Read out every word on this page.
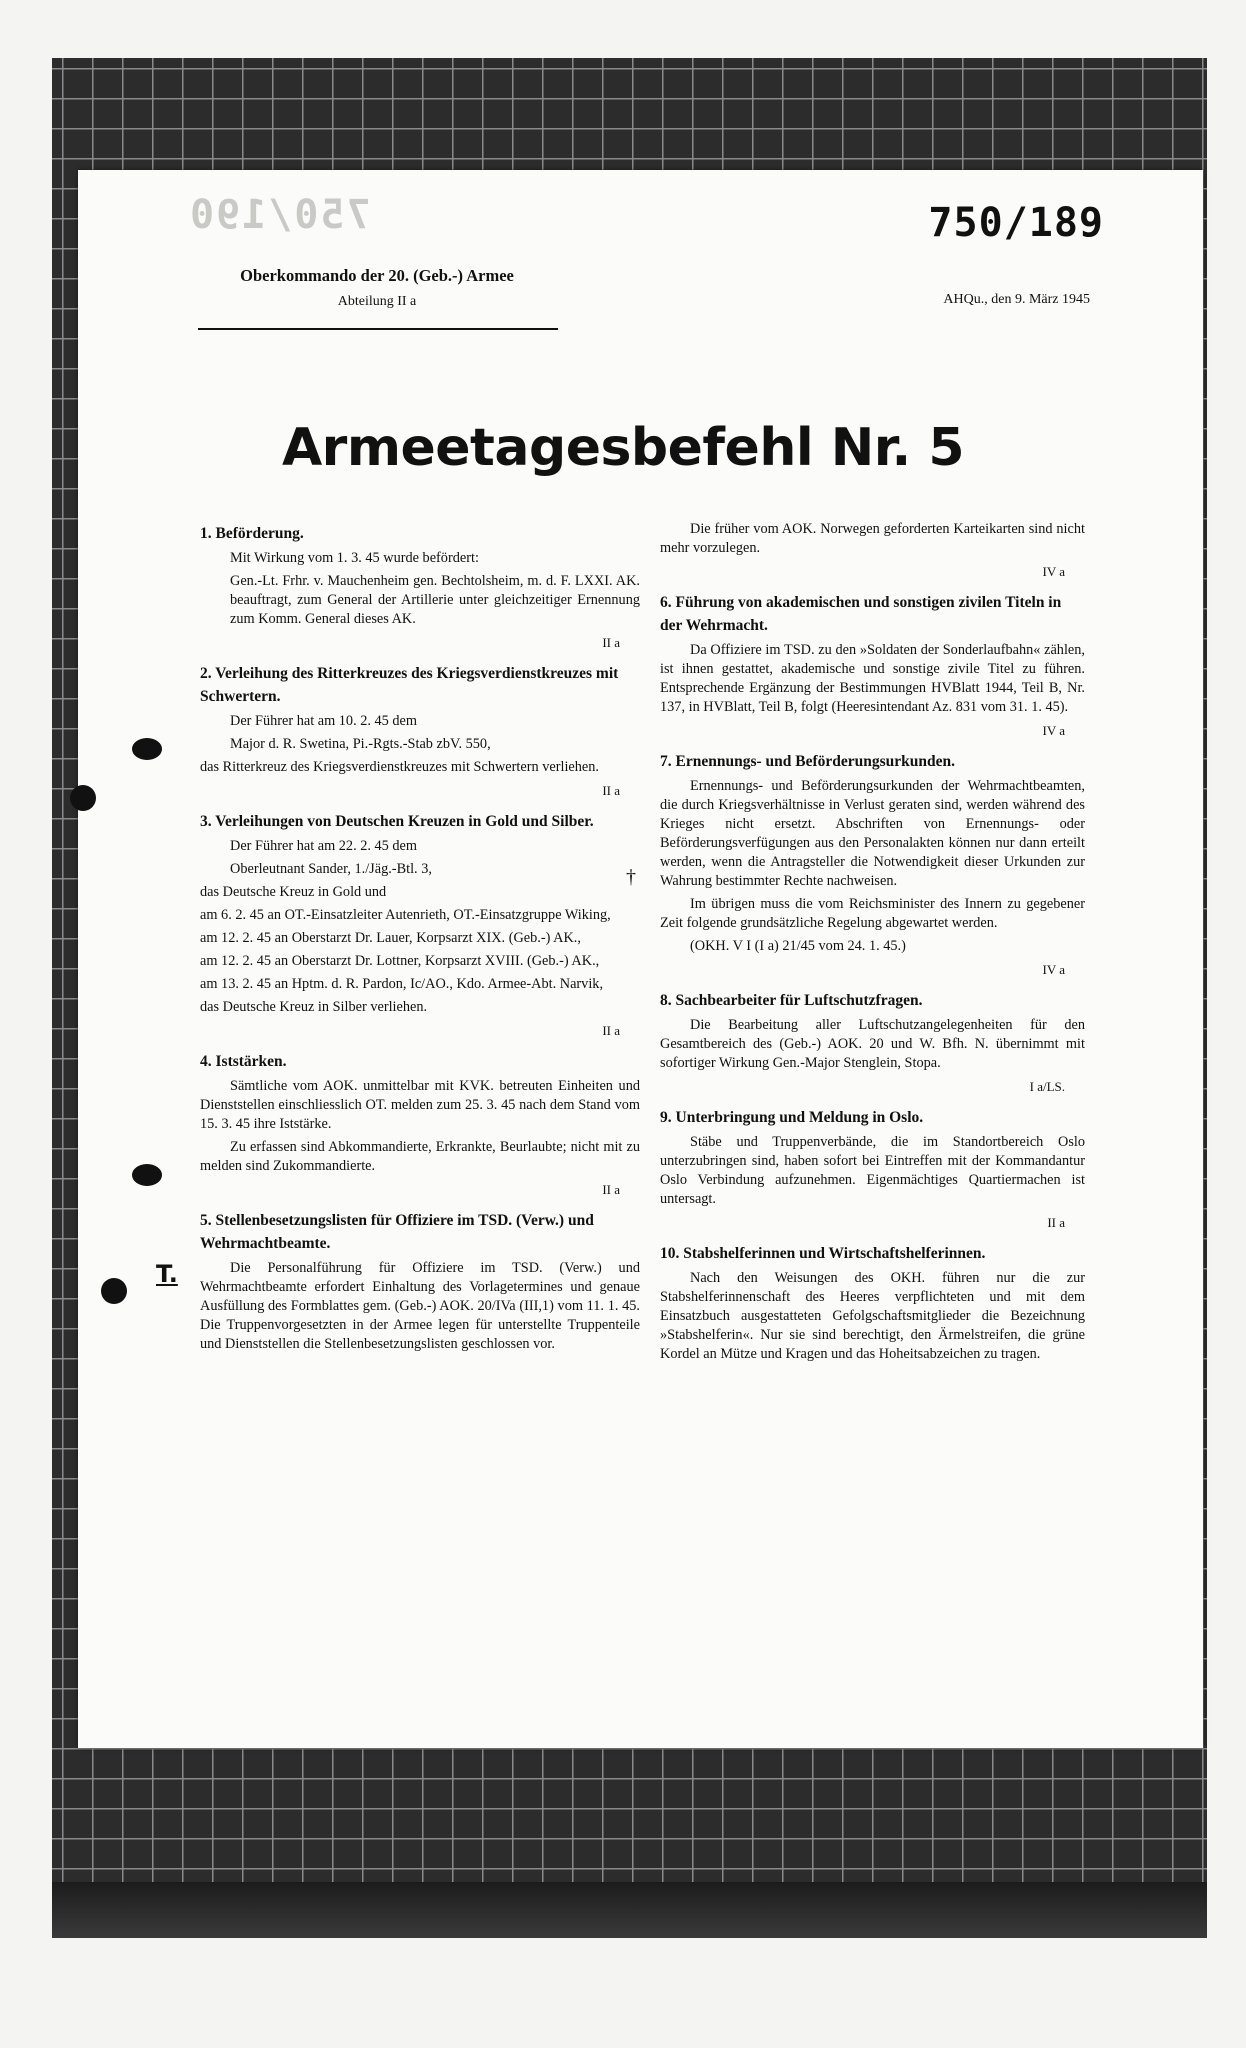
750/190	750/189
Oberkommando der 20. (Geb.-) Armee
Abteilung II a	AHQu., den 9. März 1945
Armeetagesbefehl Nr. 5
T.
†
1. Beförderung.
Mit Wirkung vom 1. 3. 45 wurde befördert:
Gen.-Lt. Frhr. v. Mauchenheim gen. Bechtolsheim, m. d. F. LXXI. AK. beauftragt, zum General der Artillerie unter gleichzeitiger Ernennung zum Komm. General dieses AK.
II a
2. Verleihung des Ritterkreuzes des Kriegsverdienstkreuzes mit Schwertern.
Der Führer hat am 10. 2. 45 dem
Major d. R. Swetina, Pi.-Rgts.-Stab zbV. 550,
das Ritterkreuz des Kriegsverdienstkreuzes mit Schwertern verliehen.
II a
3. Verleihungen von Deutschen Kreuzen in Gold und Silber.
Der Führer hat am 22. 2. 45 dem
Oberleutnant Sander, 1./Jäg.-Btl. 3,
das Deutsche Kreuz in Gold und
am 6. 2. 45 an OT.-Einsatzleiter Autenrieth, OT.-Einsatzgruppe Wiking,
am 12. 2. 45 an Oberstarzt Dr. Lauer, Korpsarzt XIX. (Geb.-) AK.,
am 12. 2. 45 an Oberstarzt Dr. Lottner, Korpsarzt XVIII. (Geb.-) AK.,
am 13. 2. 45 an Hptm. d. R. Pardon, Ic/AO., Kdo. Armee-Abt. Narvik,
das Deutsche Kreuz in Silber verliehen.
II a
4. Iststärken.
Sämtliche vom AOK. unmittelbar mit KVK. betreuten Einheiten und Dienststellen einschliesslich OT. melden zum 25. 3. 45 nach dem Stand vom 15. 3. 45 ihre Iststärke.
Zu erfassen sind Abkommandierte, Erkrankte, Beurlaubte; nicht mit zu melden sind Zukommandierte.
II a
5. Stellenbesetzungslisten für Offiziere im TSD. (Verw.) und Wehrmachtbeamte.
Die Personalführung für Offiziere im TSD. (Verw.) und Wehrmachtbeamte erfordert Einhaltung des Vorlagetermines und genaue Ausfüllung des Formblattes gem. (Geb.-) AOK. 20/IVa (III,1) vom 11. 1. 45. Die Truppenvorgesetzten in der Armee legen für unterstellte Truppenteile und Dienststellen die Stellenbesetzungslisten geschlossen vor.
Die früher vom AOK. Norwegen geforderten Karteikarten sind nicht mehr vorzulegen.
IV a
6. Führung von akademischen und sonstigen zivilen Titeln in der Wehrmacht.
Da Offiziere im TSD. zu den »Soldaten der Sonderlaufbahn« zählen, ist ihnen gestattet, akademische und sonstige zivile Titel zu führen. Entsprechende Ergänzung der Bestimmungen HVBlatt 1944, Teil B, Nr. 137, in HVBlatt, Teil B, folgt (Heeresintendant Az. 831 vom 31. 1. 45).
IV a
7. Ernennungs- und Beförderungsurkunden.
Ernennungs- und Beförderungsurkunden der Wehrmachtbeamten, die durch Kriegsverhältnisse in Verlust geraten sind, werden während des Krieges nicht ersetzt. Abschriften von Ernennungs- oder Beförderungsverfügungen aus den Personalakten können nur dann erteilt werden, wenn die Antragsteller die Notwendigkeit dieser Urkunden zur Wahrung bestimmter Rechte nachweisen.
Im übrigen muss die vom Reichsminister des Innern zu gegebener Zeit folgende grundsätzliche Regelung abgewartet werden.
(OKH. V I (I a) 21/45 vom 24. 1. 45.)
IV a
8. Sachbearbeiter für Luftschutzfragen.
Die Bearbeitung aller Luftschutzangelegenheiten für den Gesamtbereich des (Geb.-) AOK. 20 und W. Bfh. N. übernimmt mit sofortiger Wirkung Gen.-Major Stenglein, Stopa.
I a/LS.
9. Unterbringung und Meldung in Oslo.
Stäbe und Truppenverbände, die im Standortbereich Oslo unterzubringen sind, haben sofort bei Eintreffen mit der Kommandantur Oslo Verbindung aufzunehmen. Eigenmächtiges Quartiermachen ist untersagt.
II a
10. Stabshelferinnen und Wirtschaftshelferinnen.
Nach den Weisungen des OKH. führen nur die zur Stabshelferinnenschaft des Heeres verpflichteten und mit dem Einsatzbuch ausgestatteten Gefolgschaftsmitglieder die Bezeichnung »Stabshelferin«. Nur sie sind berechtigt, den Ärmelstreifen, die grüne Kordel an Mütze und Kragen und das Hoheitsabzeichen zu tragen.
